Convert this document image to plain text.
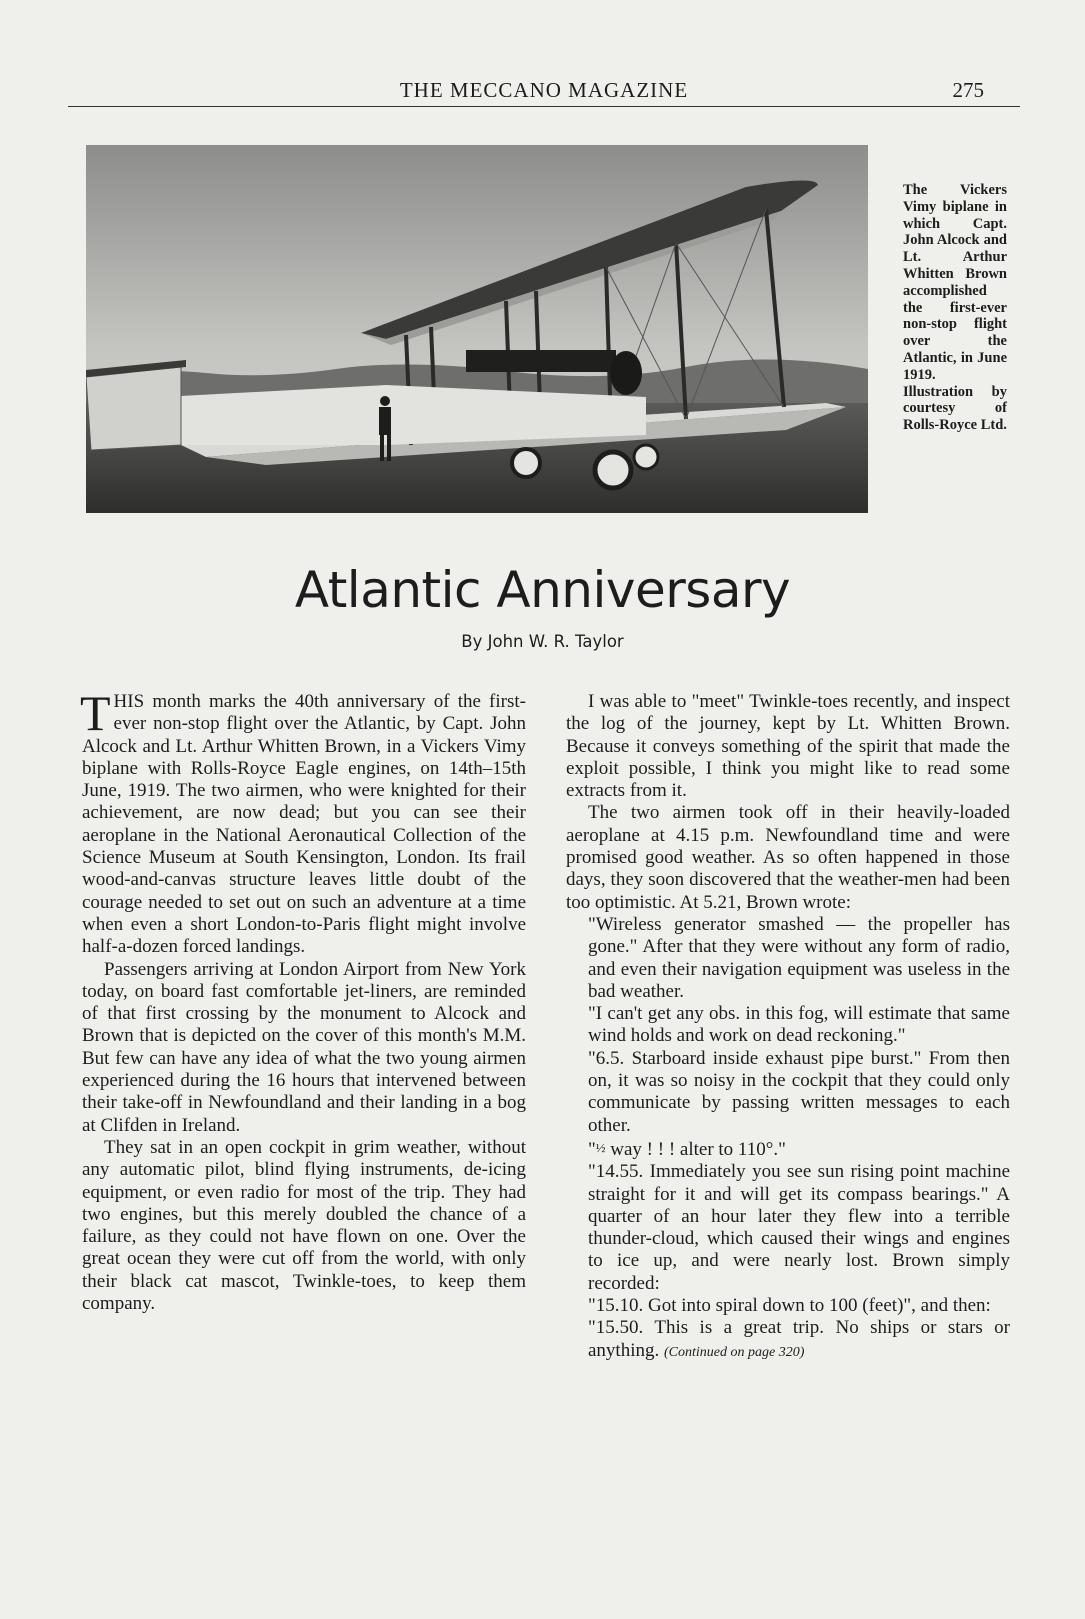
THE MECCANO MAGAZINE	275
The Vickers Vimy biplane in which Capt. John Alcock and Lt. Arthur Whitten Brown accomplished the first-ever non-stop flight over the Atlantic, in June 1919. Illustration by courtesy of Rolls-Royce Ltd.
Atlantic Anniversary
By John W. R. Taylor

THIS month marks the 40th anniversary of the first-ever non-stop flight over the Atlantic, by Capt. John Alcock and Lt. Arthur Whitten Brown, in a Vickers Vimy biplane with Rolls-Royce Eagle engines, on 14th–15th June, 1919. The two airmen, who were knighted for their achievement, are now dead; but you can see their aeroplane in the National Aeronautical Collection of the Science Museum at South Kensington, London. Its frail wood-and-canvas structure leaves little doubt of the courage needed to set out on such an adventure at a time when even a short London-to-Paris flight might involve half-a-dozen forced landings.

Passengers arriving at London Airport from New York today, on board fast comfortable jet-liners, are reminded of that first crossing by the monument to Alcock and Brown that is depicted on the cover of this month's M.M. But few can have any idea of what the two young airmen experienced during the 16 hours that intervened between their take-off in Newfoundland and their landing in a bog at Clifden in Ireland.

They sat in an open cockpit in grim weather, without any automatic pilot, blind flying instruments, de-icing equipment, or even radio for most of the trip. They had two engines, but this merely doubled the chance of a failure, as they could not have flown on one. Over the great ocean they were cut off from the world, with only their black cat mascot, Twinkle-toes, to keep them company.

I was able to "meet" Twinkle-toes recently, and inspect the log of the journey, kept by Lt. Whitten Brown. Because it conveys something of the spirit that made the exploit possible, I think you might like to read some extracts from it.

The two airmen took off in their heavily-loaded aeroplane at 4.15 p.m. Newfoundland time and were promised good weather. As so often happened in those days, they soon discovered that the weather-men had been too optimistic. At 5.21, Brown wrote:

"Wireless generator smashed — the propeller has gone." After that they were without any form of radio, and even their navigation equipment was useless in the bad weather.

"I can't get any obs. in this fog, will estimate that same wind holds and work on dead reckoning."

"6.5. Starboard inside exhaust pipe burst." From then on, it was so noisy in the cockpit that they could only communicate by passing written messages to each other.

"½ way ! ! ! alter to 110°."

"14.55. Immediately you see sun rising point machine straight for it and will get its compass bearings." A quarter of an hour later they flew into a terrible thunder-cloud, which caused their wings and engines to ice up, and were nearly lost. Brown simply recorded:

"15.10. Got into spiral down to 100 (feet)", and then:

"15.50. This is a great trip. No ships or stars or anything. (Continued on page 320)
